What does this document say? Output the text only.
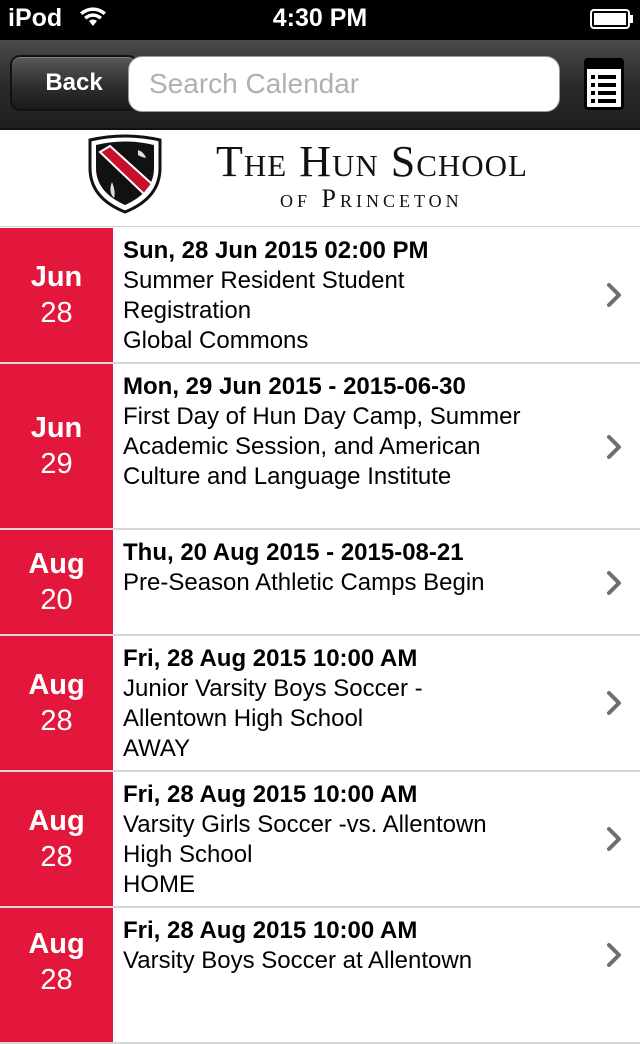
iPod	4:30 PM
Back
Search Calendar
The Hun School
of Princeton
Jun
28
Sun, 28 Jun 2015 02:00 PM
Summer Resident Student
Registration
Global Commons
Jun
29
Mon, 29 Jun 2015 - 2015-06-30
First Day of Hun Day Camp, Summer
Academic Session, and American
Culture and Language Institute
Aug
20
Thu, 20 Aug 2015 - 2015-08-21
Pre-Season Athletic Camps Begin
Aug
28
Fri, 28 Aug 2015 10:00 AM
Junior Varsity Boys Soccer -
Allentown High School
AWAY
Aug
28
Fri, 28 Aug 2015 10:00 AM
Varsity Girls Soccer -vs. Allentown
High School
HOME
Aug
28
Fri, 28 Aug 2015 10:00 AM
Varsity Boys Soccer at Allentown
